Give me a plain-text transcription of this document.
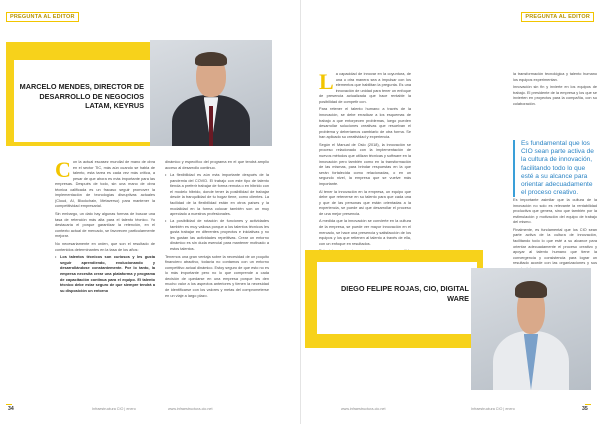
PREGUNTA AL EDITOR
MARCELO MENDES, DIRECTOR DE DESARROLLO DE NEGOCIOS LATAM, KEYRUS

Con la actual escasez mundial de mano de obra en el sector TIC, más aún cuando se habla de talento, esta tarea es cada vez más crítica, a pesar de que ahora es más importante para las empresas. Después de todo, sin una mano de obra técnica calificada es un fracaso seguir promover la implementación de tecnologías disruptivas actuales (Cloud, AI, Blockchain, Metaverso) para mantener la competitividad empresarial.

Sin embargo, un dato hay algunas formas de buscar una tasa de retención más alta para el talento técnico. Yo destacaría el porque garantizar la retención, en el contexto actual de mercado, se favorecen particularmente mejorar.

No necesariamente en orden, que son el resultado de contenidos determinantes en la tasa de los años:

• Los talentos técnicos son curiosos y les gusta seguir aprendiendo, evolucionando y desarrollándose constantemente. Por lo tanto, la empresa necesita crear una plataforma y programa de capacitación continua para el equipo. El talento técnico debe estar seguro de que siempre tendrá a su disposición un entorno

dinámico y específico del programa en el que tendrá amplio acceso al desarrollo continuo.

• La flexibilidad es aún más importante después de la pandemia del COVID. El trabajo con este tipo de talento tienda a preferir trabajar de forma remota o en hibrido con el modelo hibrido, donde tener la posibilidad de trabajar desde la tranquilidad de tu hogar tiene, como clientes. La facilidad de la flexibilidad están en otros países y la modalidad en la forma colocar también son un muy apreciado a nuestros profesionales.
• La posibilidad de rotación de funciones y actividades también es muy valiosa porque a los talentos técnicos les gusta trabajar en diferentes proyectos e iniciativas y no les gustan las actividades repetitivas. Crear un entorno dinámico es sin duda esencial para mantener motivado a estos talentos.

Tenemos una gran ventaja sobre la necesidad de un poquito financiero atractivo, todavía no contamos con un entorno competitivo actual dinámico. Estoy seguro de que esto no es lo más importante pero no lo que comprende a cada decisión de quedarse en una empresa porque les den mucho valor a los aspectos anteriores y tienen la necesidad de identificarse con los valores y metas del comprometerse en un viaje a largo plazo.

34	Infraestructura CIO | enero	www.infraestructura-cio.net
PREGUNTA AL EDITOR

La capacidad de innovar en la coyuntura, de una u otra manera sea a impulsar con los elementos que habilitan la pregunta. Es una innovación de unidad para tener un enfoque de presencia actualizada que hace rentable la posibilidad de competir con.

Para retener el talento humano a través de la innovación, se debe erradicar a los esquemas de trabajo a que entorpecen problemas, luego pueden desarrollar soluciones creativas que resuelvan el problema y deberíamos cambiarlo de otra forma. Se han aplicado su creatividad y experiencia.

Según el Manual de Oslo (2018), la innovación se proceso relacionado con la implementación de nuevos métodos que utilizan técnicas y software en la innovación pero también como en la transformación de las mismas, para brindar respuestas en la que serán fortalecida como relacionadas, o en un segundo nivel, la empresa que se vuelve más importante.

Al tener la innovación en la empresa, un equipo que debe que retenerse en su talento para que cada una y que de las personas que están orientadas a la experiencia, se puede así que desarrollar el proceso de una mejor presencia.

A medida que la innovación se convierte en la cultura de la empresa, se puede ver mayor innovación en el mercado, se hace una presencia y satisfacción de los equipos y los que retienen al talento a través de ella, con un enfoque en resultados.

la transformación tecnológica y talento humano los equipos experimentan.

Innovación sin fin y invierte en los equipos de trabajo. El presidente de la empresa y los que se invierten en proyectos para la compañía, con su colaboración.

Es fundamental que los CIO sean parte activa de la cultura de innovación, facilitando todo lo que esté a su alcance para orientar adecuadamente el proceso creativo.

Es importante asimilar que la cultura de la innovación no solo es relevante la rentabilidad productiva que genera, sino que también por la estimulación y motivación del equipo de trabajo del mismo.

Finalmente, es fundamental que los CIO sean parte activa de la cultura de innovación, facilitando todo lo que esté a su alcance para orientar adecuadamente el proceso creativo y apoyar al talento humano que tiene la convergencia y consistencia para lograr un resultado acorde con las organizaciones y sus

DIEGO FELIPE ROJAS, CIO, DIGITAL WARE
www.infraestructura-cio.net	Infraestructura CIO | enero	35
